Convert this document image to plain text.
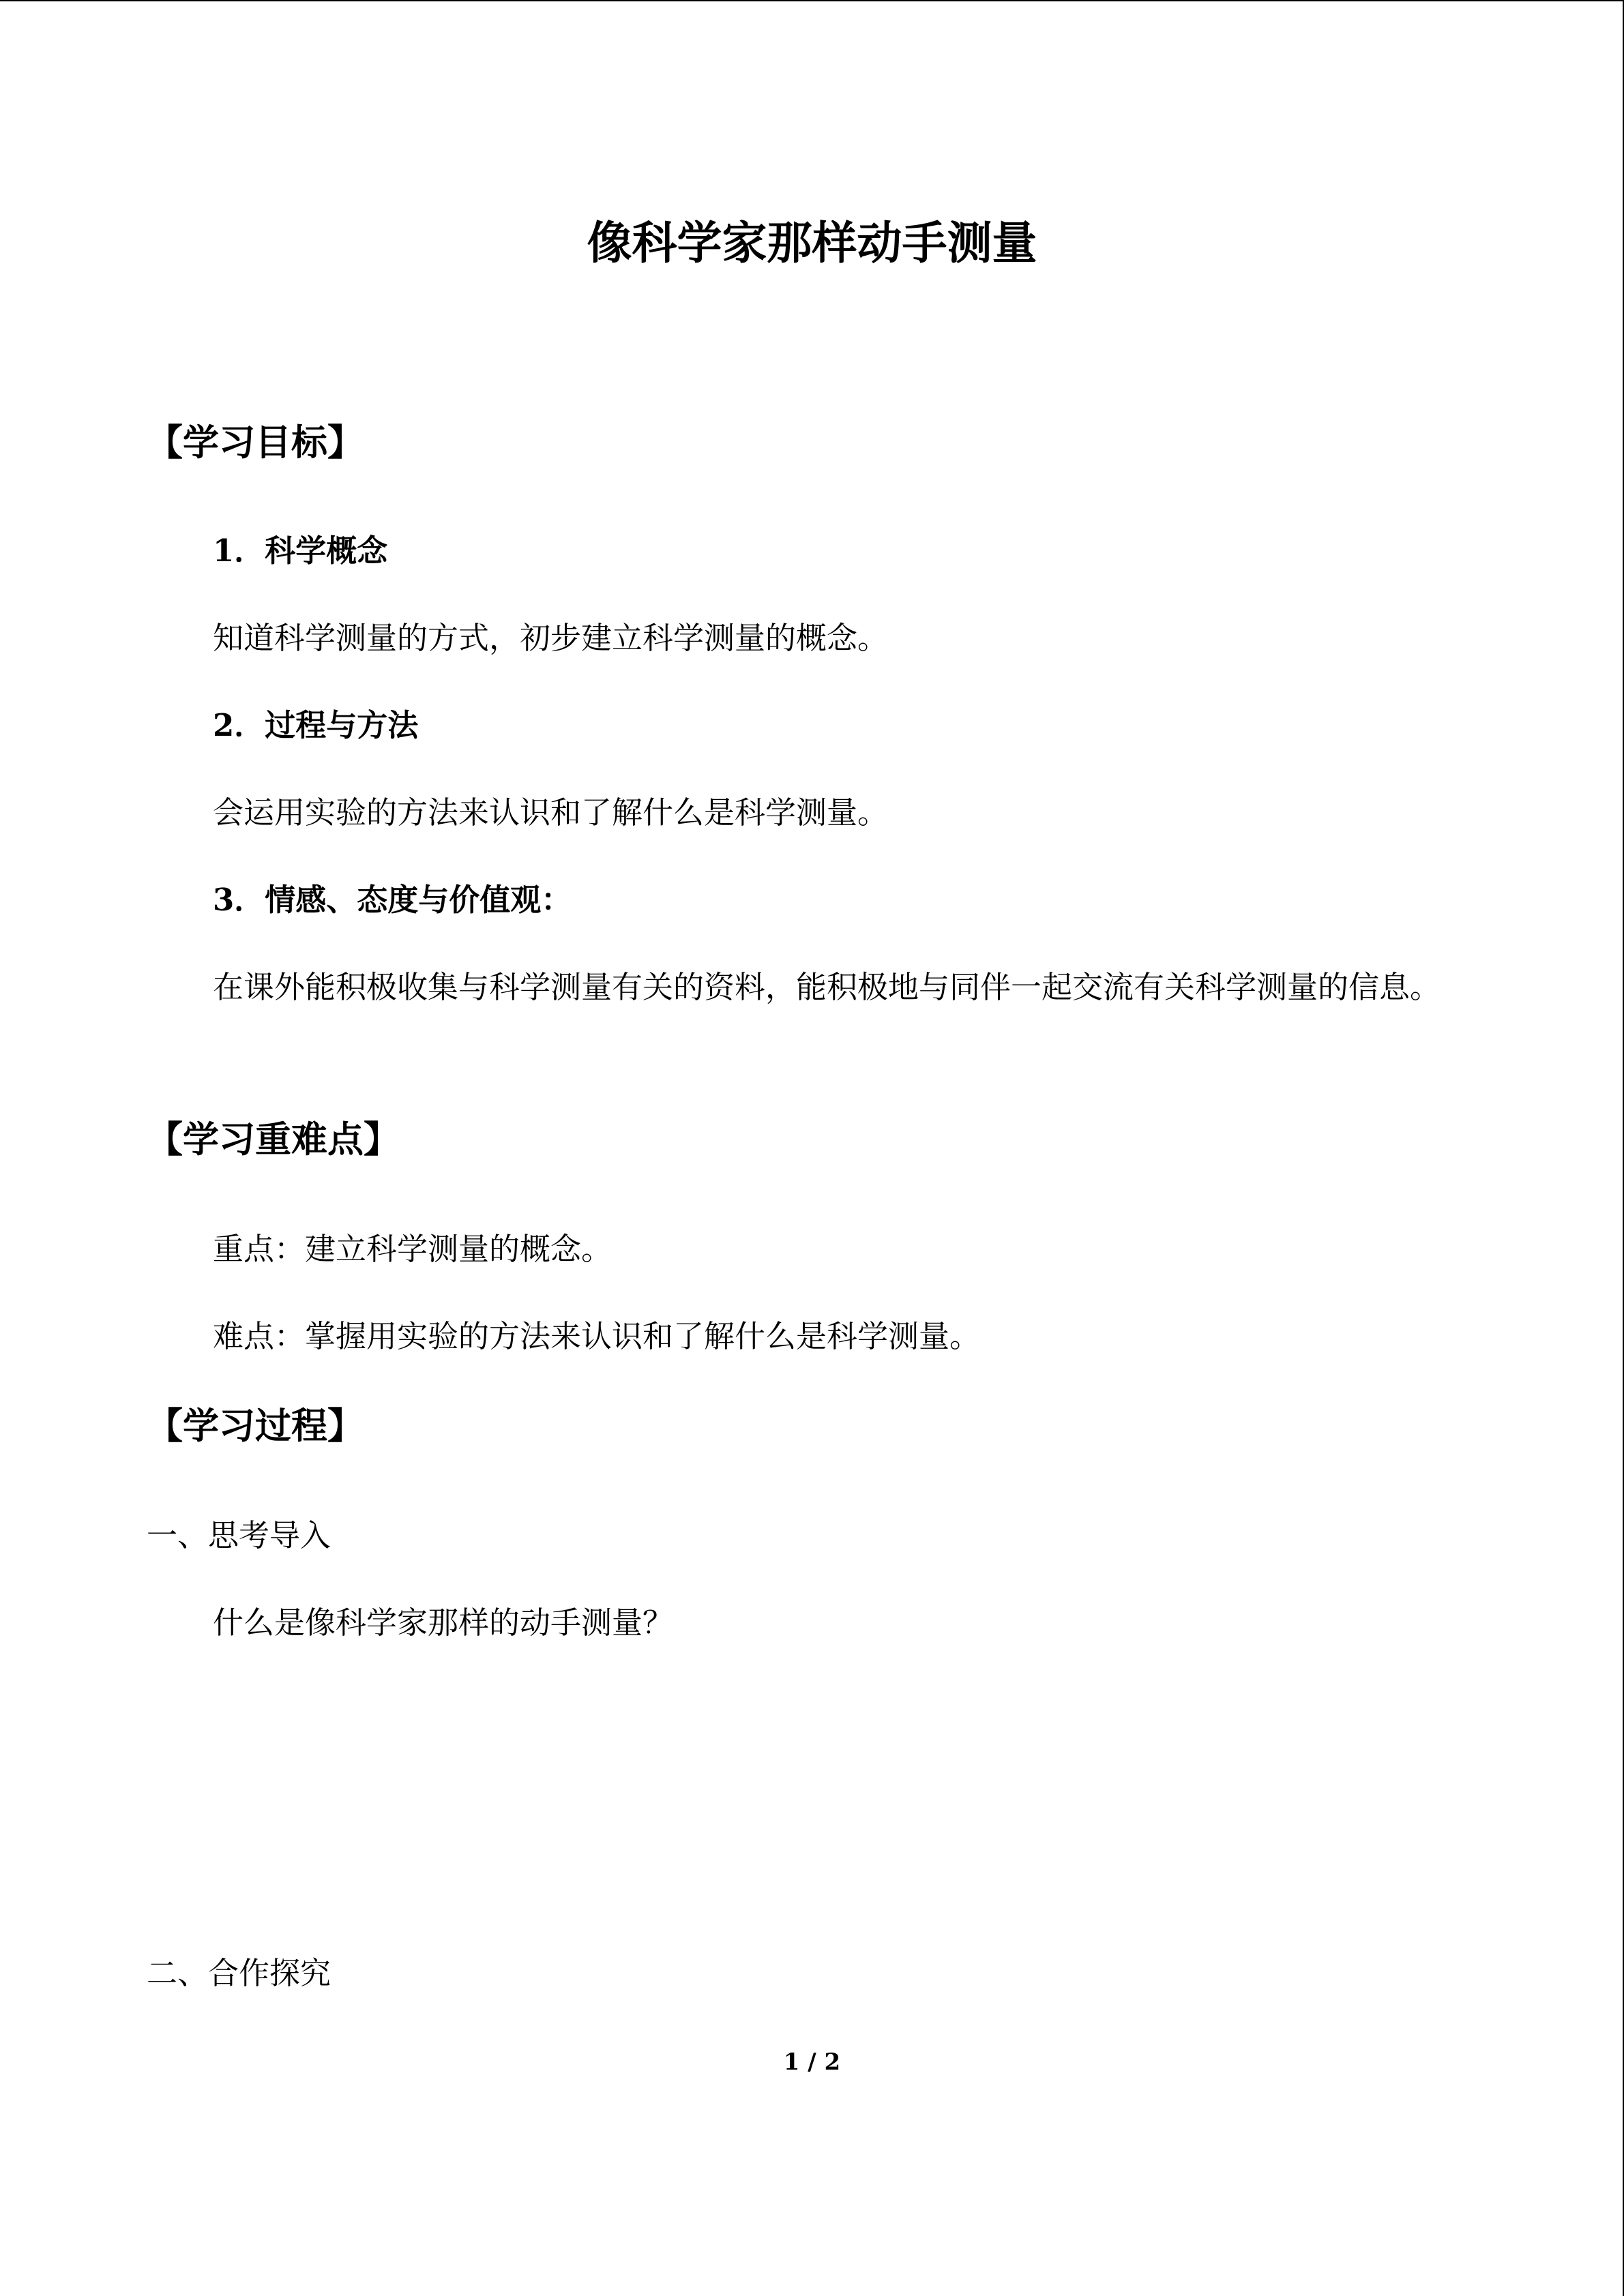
像科学家那样动手测量
【学习目标】
1．科学概念
知道科学测量的方式，初步建立科学测量的概念。
2．过程与方法
会运用实验的方法来认识和了解什么是科学测量。
3．情感、态度与价值观：
在课外能积极收集与科学测量有关的资料，能积极地与同伴一起交流有关科学测量的信息。
【学习重难点】
重点：建立科学测量的概念。
难点：掌握用实验的方法来认识和了解什么是科学测量。
【学习过程】
一、思考导入
什么是像科学家那样的动手测量？
二、合作探究
1 / 2
